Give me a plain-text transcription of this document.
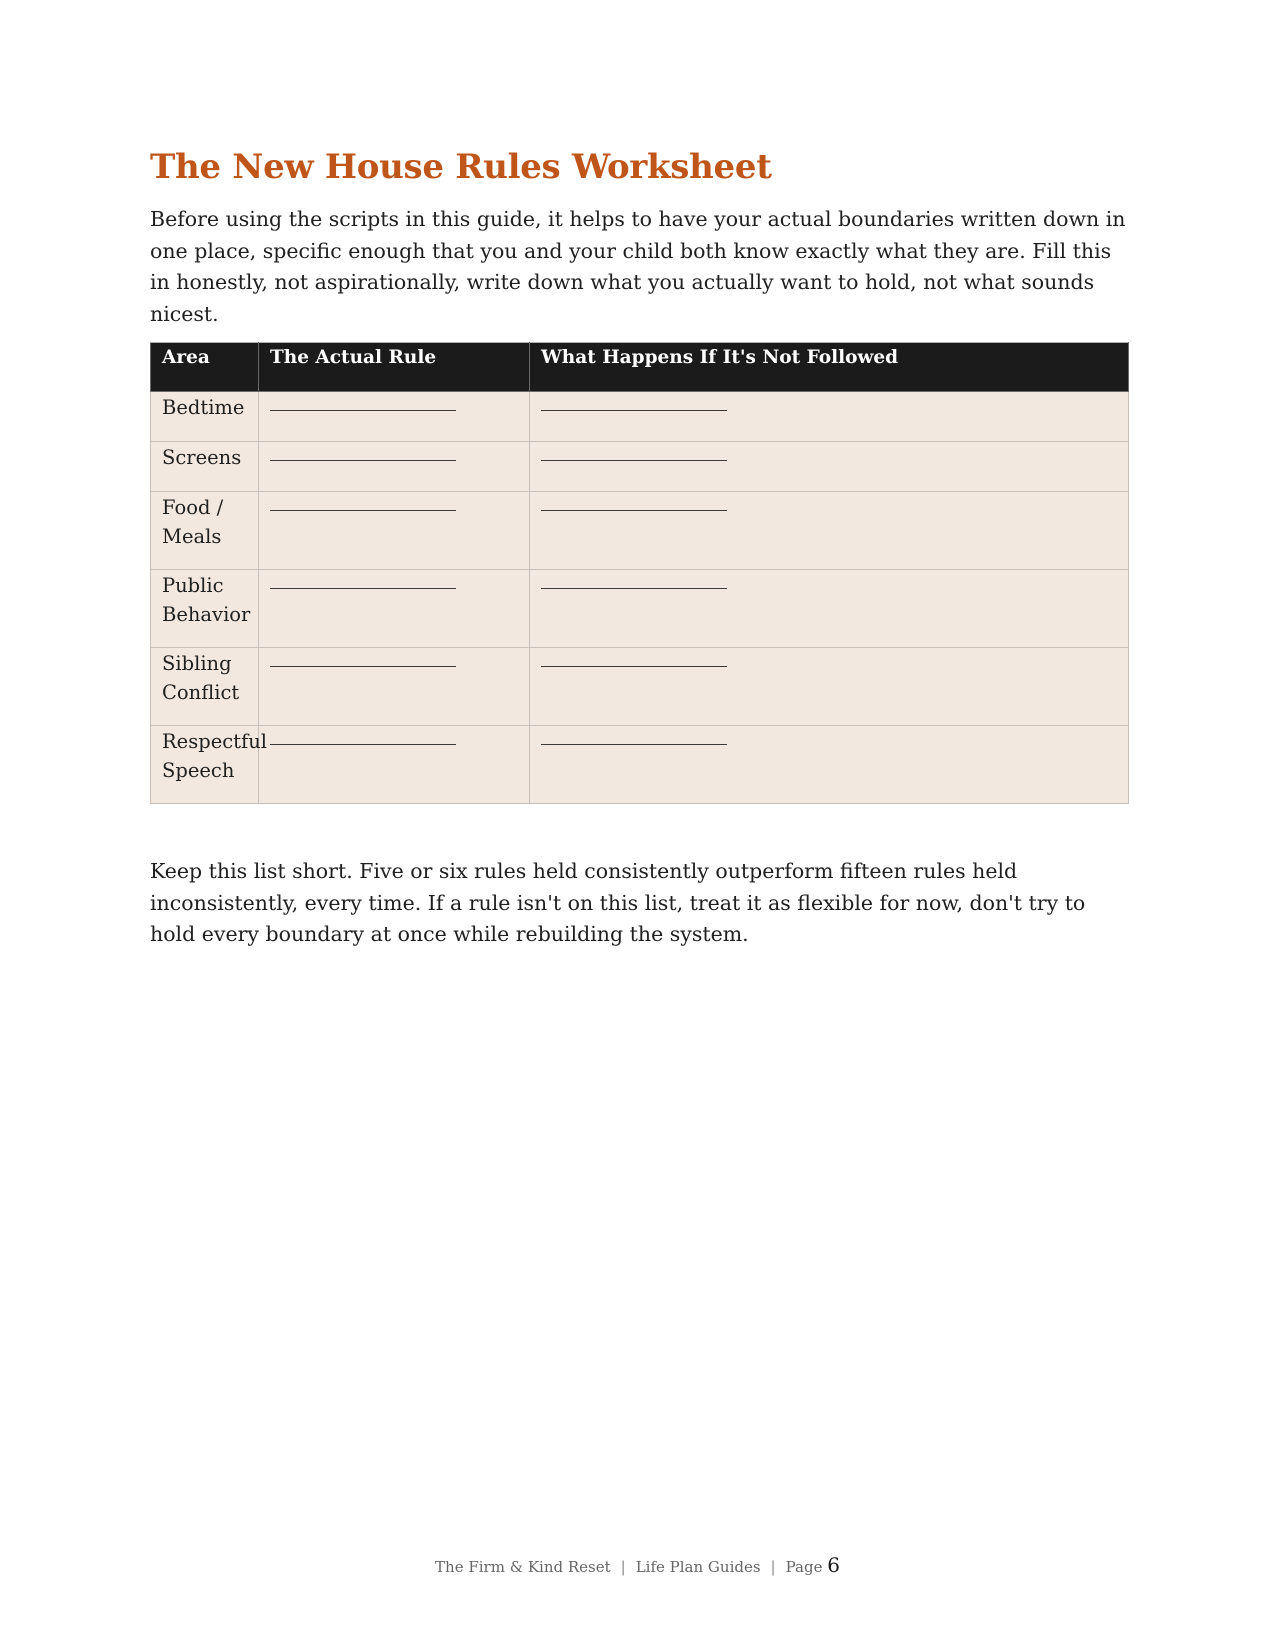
The New House Rules Worksheet

Before using the scripts in this guide, it helps to have your actual boundaries written down in one place, specific enough that you and your child both know exactly what they are. Fill this in honestly, not aspirationally, write down what you actually want to hold, not what sounds nicest.

Area	The Actual Rule	What Happens If It's Not Followed
Bedtime	

Screens	

Food / Meals	

Public Behavior	

Sibling Conflict	

Respectful Speech	

Keep this list short. Five or six rules held consistently outperform fifteen rules held inconsistently, every time. If a rule isn't on this list, treat it as flexible for now, don't try to hold every boundary at once while rebuilding the system.

The Firm & Kind Reset | Life Plan Guides | Page 6
